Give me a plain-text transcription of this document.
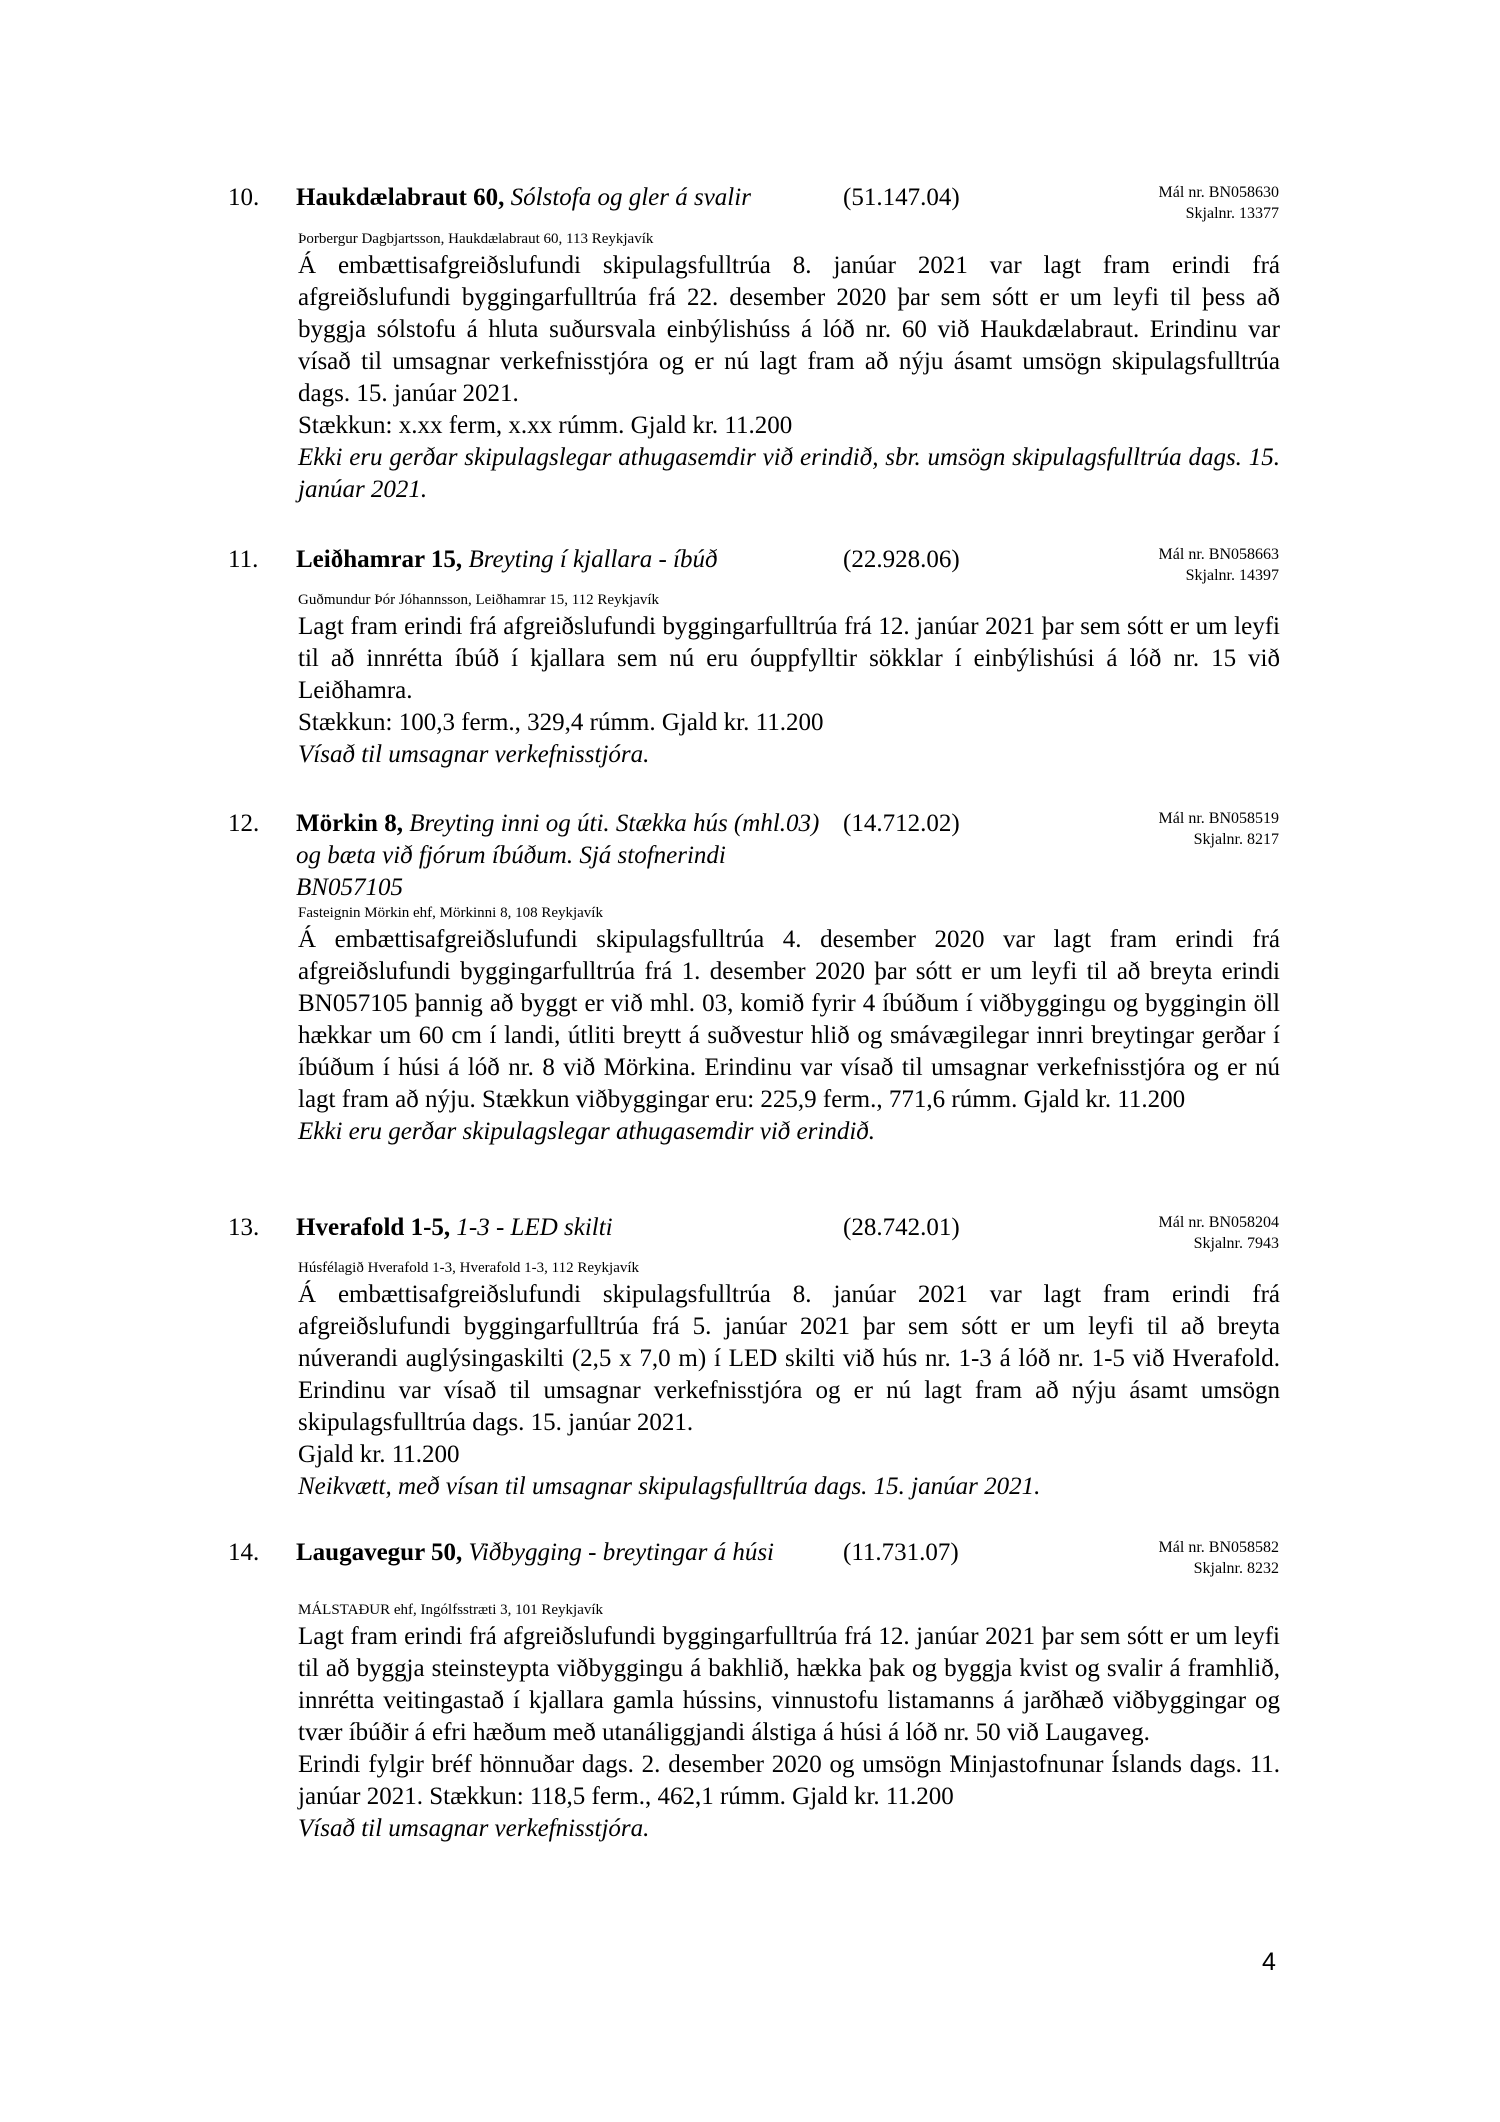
10. Haukdælabraut 60, Sólstofa og gler á svalir	(51.147.04)	Mál nr. BN058630
Skjalnr. 13377
Þorbergur Dagbjartsson, Haukdælabraut 60, 113 Reykjavík

Á embættisafgreiðslufundi skipulagsfulltrúa 8. janúar 2021 var lagt fram erindi frá afgreiðslufundi byggingarfulltrúa frá 22. desember 2020 þar sem sótt er um leyfi til þess að byggja sólstofu á hluta suðursvala einbýlishúss á lóð nr. 60 við Haukdælabraut. Erindinu var vísað til umsagnar verkefnisstjóra og er nú lagt fram að nýju ásamt umsögn skipulagsfulltrúa dags. 15. janúar 2021.

Stækkun: x.xx ferm, x.xx rúmm. Gjald kr. 11.200

Ekki eru gerðar skipulagslegar athugasemdir við erindið, sbr. umsögn skipulagsfulltrúa dags. 15. janúar 2021.

11. Leiðhamrar 15, Breyting í kjallara - íbúð	(22.928.06)	Mál nr. BN058663
Skjalnr. 14397
Guðmundur Þór Jóhannsson, Leiðhamrar 15, 112 Reykjavík

Lagt fram erindi frá afgreiðslufundi byggingarfulltrúa frá 12. janúar 2021 þar sem sótt er um leyfi til að innrétta íbúð í kjallara sem nú eru óuppfylltir sökklar í einbýlishúsi á lóð nr. 15 við Leiðhamra.

Stækkun: 100,3 ferm., 329,4 rúmm. Gjald kr. 11.200

Vísað til umsagnar verkefnisstjóra.

12. Mörkin 8, Breyting inni og úti. Stækka hús (mhl.03) og bæta við fjórum íbúðum. Sjá stofnerindi BN057105
(14.712.02)	Mál nr. BN058519
Skjalnr. 8217
Fasteignin Mörkin ehf, Mörkinni 8, 108 Reykjavík

Á embættisafgreiðslufundi skipulagsfulltrúa 4. desember 2020 var lagt fram erindi frá afgreiðslufundi byggingarfulltrúa frá 1. desember 2020 þar sótt er um leyfi til að breyta erindi BN057105 þannig að byggt er við mhl. 03, komið fyrir 4 íbúðum í viðbyggingu og byggingin öll hækkar um 60 cm í landi, útliti breytt á suðvestur hlið og smávægilegar innri breytingar gerðar í íbúðum í húsi á lóð nr. 8 við Mörkina. Erindinu var vísað til umsagnar verkefnisstjóra og er nú lagt fram að nýju. Stækkun viðbyggingar eru: 225,9 ferm., 771,6 rúmm. Gjald kr. 11.200

Ekki eru gerðar skipulagslegar athugasemdir við erindið.

13. Hverafold 1-5, 1-3 - LED skilti	(28.742.01)	Mál nr. BN058204
Skjalnr. 7943
Húsfélagið Hverafold 1-3, Hverafold 1-3, 112 Reykjavík

Á embættisafgreiðslufundi skipulagsfulltrúa 8. janúar 2021 var lagt fram erindi frá afgreiðslufundi byggingarfulltrúa frá 5. janúar 2021 þar sem sótt er um leyfi til að breyta núverandi auglýsingaskilti (2,5 x 7,0 m) í LED skilti við hús nr. 1-3 á lóð nr. 1-5 við Hverafold. Erindinu var vísað til umsagnar verkefnisstjóra og er nú lagt fram að nýju ásamt umsögn skipulagsfulltrúa dags. 15. janúar 2021.

Gjald kr. 11.200

Neikvætt, með vísan til umsagnar skipulagsfulltrúa dags. 15. janúar 2021.

14. Laugavegur 50, Viðbygging - breytingar á húsi	(11.731.07)	Mál nr. BN058582
Skjalnr. 8232
MÁLSTAÐUR ehf, Ingólfsstræti 3, 101 Reykjavík

Lagt fram erindi frá afgreiðslufundi byggingarfulltrúa frá 12. janúar 2021 þar sem sótt er um leyfi til að byggja steinsteypta viðbyggingu á bakhlið, hækka þak og byggja kvist og svalir á framhlið, innrétta veitingastað í kjallara gamla hússins, vinnustofu listamanns á jarðhæð viðbyggingar og tvær íbúðir á efri hæðum með utanáliggjandi álstiga á húsi á lóð nr. 50 við Laugaveg.

Erindi fylgir bréf hönnuðar dags. 2. desember 2020 og umsögn Minjastofnunar Íslands dags. 11. janúar 2021. Stækkun: 118,5 ferm., 462,1 rúmm. Gjald kr. 11.200

Vísað til umsagnar verkefnisstjóra.

4
